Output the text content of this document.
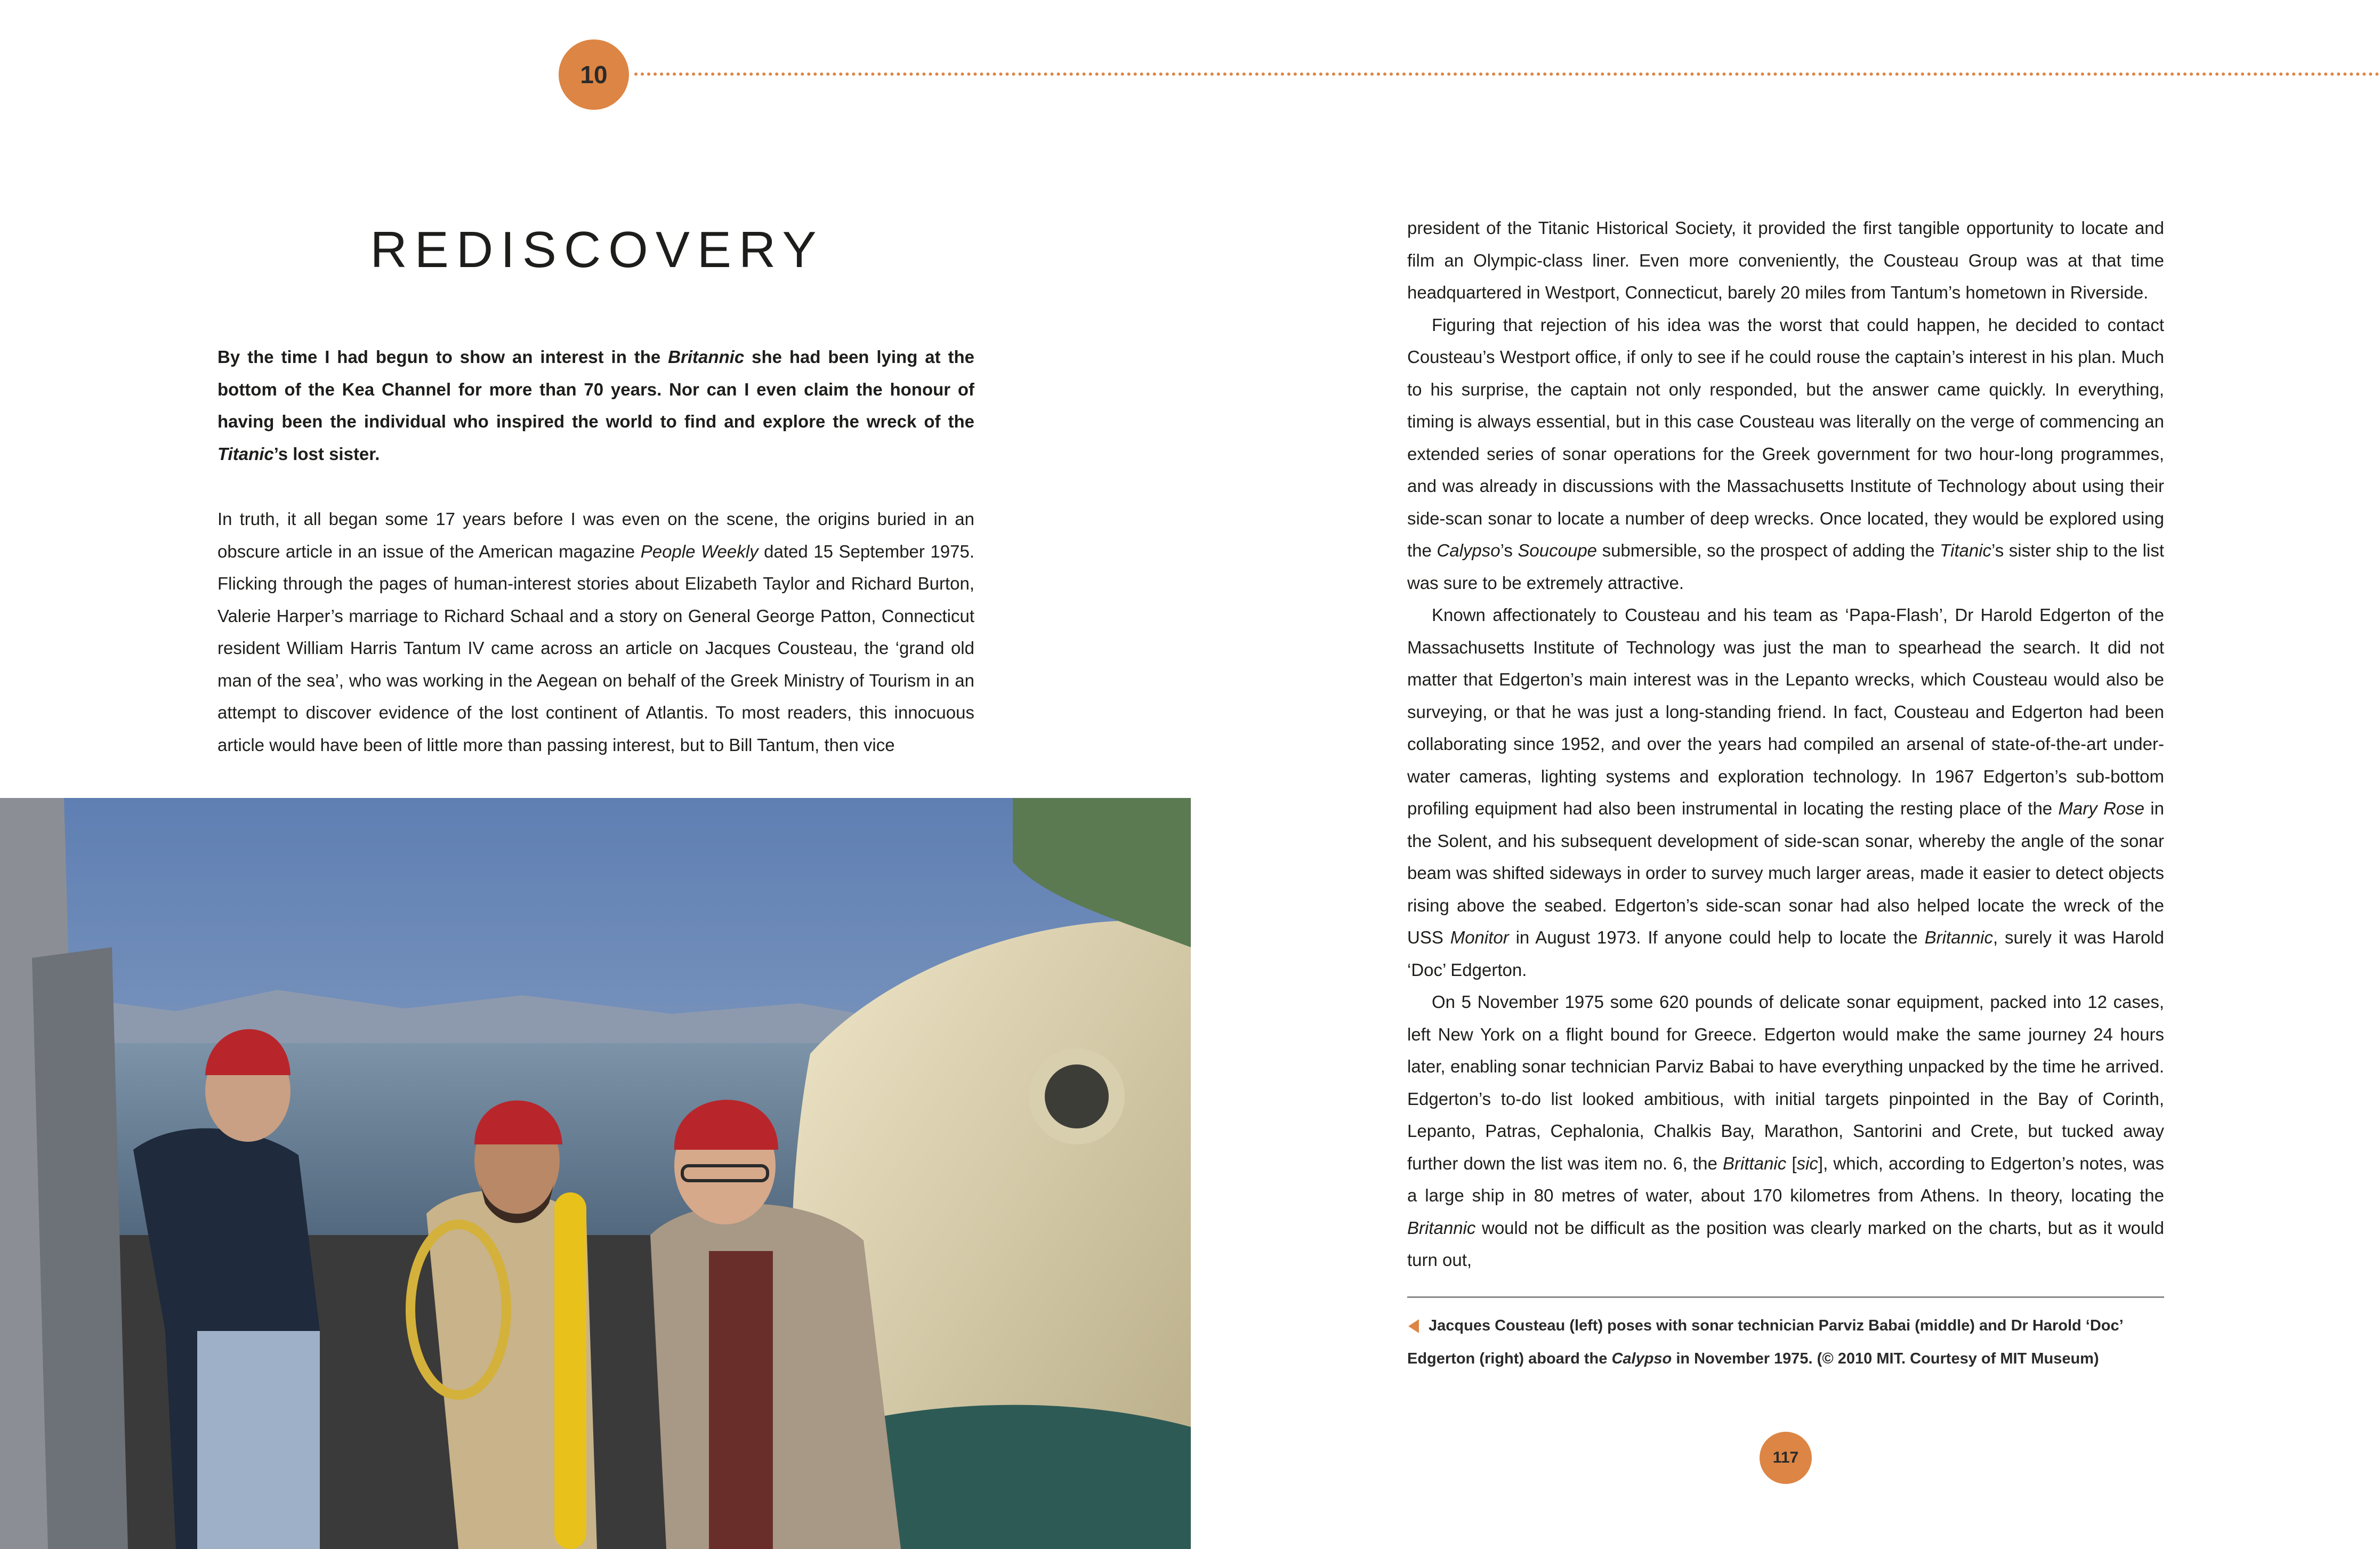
10
REDISCOVERY

By the time I had begun to show an interest in the Britannic she had been lying at the bottom of the Kea Channel for more than 70 years. Nor can I even claim the honour of having been the individual who inspired the world to find and explore the wreck of the Titanic’s lost sister.

In truth, it all began some 17 years before I was even on the scene, the origins buried in an obscure article in an issue of the American magazine People Weekly dated 15 September 1975. Flicking through the pages of human-interest stories about Elizabeth Taylor and Richard Burton, Valerie Harper’s marriage to Richard Schaal and a story on General George Patton, Connecticut resident William Harris Tantum IV came across an article on Jacques Cousteau, the ‘grand old man of the sea’, who was working in the Aegean on behalf of the Greek Ministry of Tourism in an attempt to discover evidence of the lost continent of Atlantis. To most readers, this innocuous article would have been of little more than passing interest, but to Bill Tantum, then vice

president of the Titanic Historical Society, it provided the first tangible opportunity to locate and film an Olympic-class liner. Even more conveniently, the Cousteau Group was at that time headquartered in Westport, Connecticut, barely 20 miles from Tantum’s hometown in Riverside.

Figuring that rejection of his idea was the worst that could happen, he decided to contact Cousteau’s Westport office, if only to see if he could rouse the captain’s interest in his plan. Much to his surprise, the captain not only responded, but the answer came quickly. In everything, timing is always essential, but in this case Cousteau was literally on the verge of commencing an extended series of sonar operations for the Greek government for two hour-long programmes, and was already in discussions with the Massachusetts Institute of Technology about using their side-scan sonar to locate a number of deep wrecks. Once located, they would be explored using the Calypso’s Soucoupe submersible, so the prospect of adding the Titanic’s sister ship to the list was sure to be extremely attractive.

Known affectionately to Cousteau and his team as ‘Papa-Flash’, Dr Harold Edgerton of the Massachusetts Institute of Technology was just the man to spearhead the search. It did not matter that Edgerton’s main interest was in the Lepanto wrecks, which Cousteau would also be surveying, or that he was just a long-standing friend. In fact, Cousteau and Edgerton had been collaborating since 1952, and over the years had compiled an arsenal of state-of-the-art under-water cameras, lighting systems and exploration technology. In 1967 Edgerton’s sub-bottom profiling equipment had also been instrumental in locating the resting place of the Mary Rose in the Solent, and his subsequent development of side-scan sonar, whereby the angle of the sonar beam was shifted sideways in order to survey much larger areas, made it easier to detect objects rising above the seabed. Edgerton’s side-scan sonar had also helped locate the wreck of the USS Monitor in August 1973. If anyone could help to locate the Britannic, surely it was Harold ‘Doc’ Edgerton.

On 5 November 1975 some 620 pounds of delicate sonar equipment, packed into 12 cases, left New York on a flight bound for Greece. Edgerton would make the same journey 24 hours later, enabling sonar technician Parviz Babai to have everything unpacked by the time he arrived. Edgerton’s to-do list looked ambitious, with initial targets pinpointed in the Bay of Corinth, Lepanto, Patras, Cephalonia, Chalkis Bay, Marathon, Santorini and Crete, but tucked away further down the list was item no. 6, the Brittanic [sic], which, according to Edgerton’s notes, was a large ship in 80 metres of water, about 170 kilometres from Athens. In theory, locating the Britannic would not be difficult as the position was clearly marked on the charts, but as it would turn out,

Jacques Cousteau (left) poses with sonar technician Parviz Babai (middle) and Dr Harold ‘Doc’ Edgerton (right) aboard the Calypso in November 1975. (© 2010 MIT. Courtesy of MIT Museum)
117
